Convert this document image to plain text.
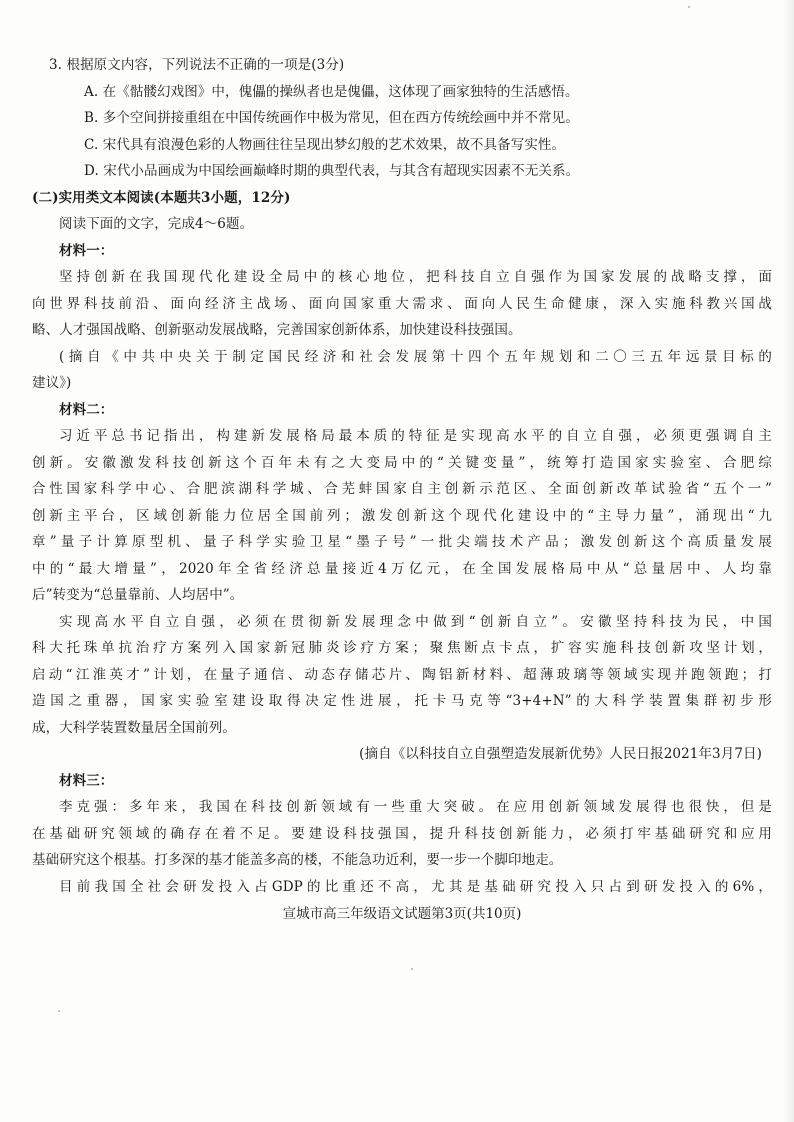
3. 根据原文内容，下列说法不正确的一项是(3分)
A. 在《骷髅幻戏图》中，傀儡的操纵者也是傀儡，这体现了画家独特的生活感悟。
B. 多个空间拼接重组在中国传统画作中极为常见，但在西方传统绘画中并不常见。
C. 宋代具有浪漫色彩的人物画往往呈现出梦幻般的艺术效果，故不具备写实性。
D. 宋代小品画成为中国绘画巅峰时期的典型代表，与其含有超现实因素不无关系。
(二)实用类文本阅读(本题共3小题，12分)
阅读下面的文字，完成4～6题。
材料一：
坚持创新在我国现代化建设全局中的核心地位，把科技自立自强作为国家发展的战略支撑，面
向世界科技前沿、面向经济主战场、面向国家重大需求、面向人民生命健康，深入实施科教兴国战
略、人才强国战略、创新驱动发展战略，完善国家创新体系，加快建设科技强国。
(摘自《中共中央关于制定国民经济和社会发展第十四个五年规划和二〇三五年远景目标的
建议》)
材料二：
习近平总书记指出，构建新发展格局最本质的特征是实现高水平的自立自强，必须更强调自主
创新。安徽激发科技创新这个百年未有之大变局中的“关键变量”，统筹打造国家实验室、合肥综
合性国家科学中心、合肥滨湖科学城、合芜蚌国家自主创新示范区、全面创新改革试验省“五个一”
创新主平台，区域创新能力位居全国前列；激发创新这个现代化建设中的“主导力量”，涌现出“九
章”量子计算原型机、量子科学实验卫星“墨子号”一批尖端技术产品；激发创新这个高质量发展
中的“最大增量”，2020年全省经济总量接近4万亿元，在全国发展格局中从“总量居中、人均靠
后”转变为“总量靠前、人均居中”。
实现高水平自立自强，必须在贯彻新发展理念中做到“创新自立”。安徽坚持科技为民，中国
科大托珠单抗治疗方案列入国家新冠肺炎诊疗方案；聚焦断点卡点，扩容实施科技创新攻坚计划，
启动“江淮英才”计划，在量子通信、动态存储芯片、陶铝新材料、超薄玻璃等领域实现并跑领跑；打
造国之重器，国家实验室建设取得决定性进展，托卡马克等“3+4+N”的大科学装置集群初步形
成，大科学装置数量居全国前列。
(摘自《以科技自立自强塑造发展新优势》人民日报2021年3月7日)
材料三：
李克强：多年来，我国在科技创新领域有一些重大突破。在应用创新领域发展得也很快，但是
在基础研究领域的确存在着不足。要建设科技强国，提升科技创新能力，必须打牢基础研究和应用
基础研究这个根基。打多深的基才能盖多高的楼，不能急功近利，要一步一个脚印地走。
目前我国全社会研发投入占GDP的比重还不高，尤其是基础研究投入只占到研发投入的6%，
宣城市高三年级语文试题第3页(共10页)
